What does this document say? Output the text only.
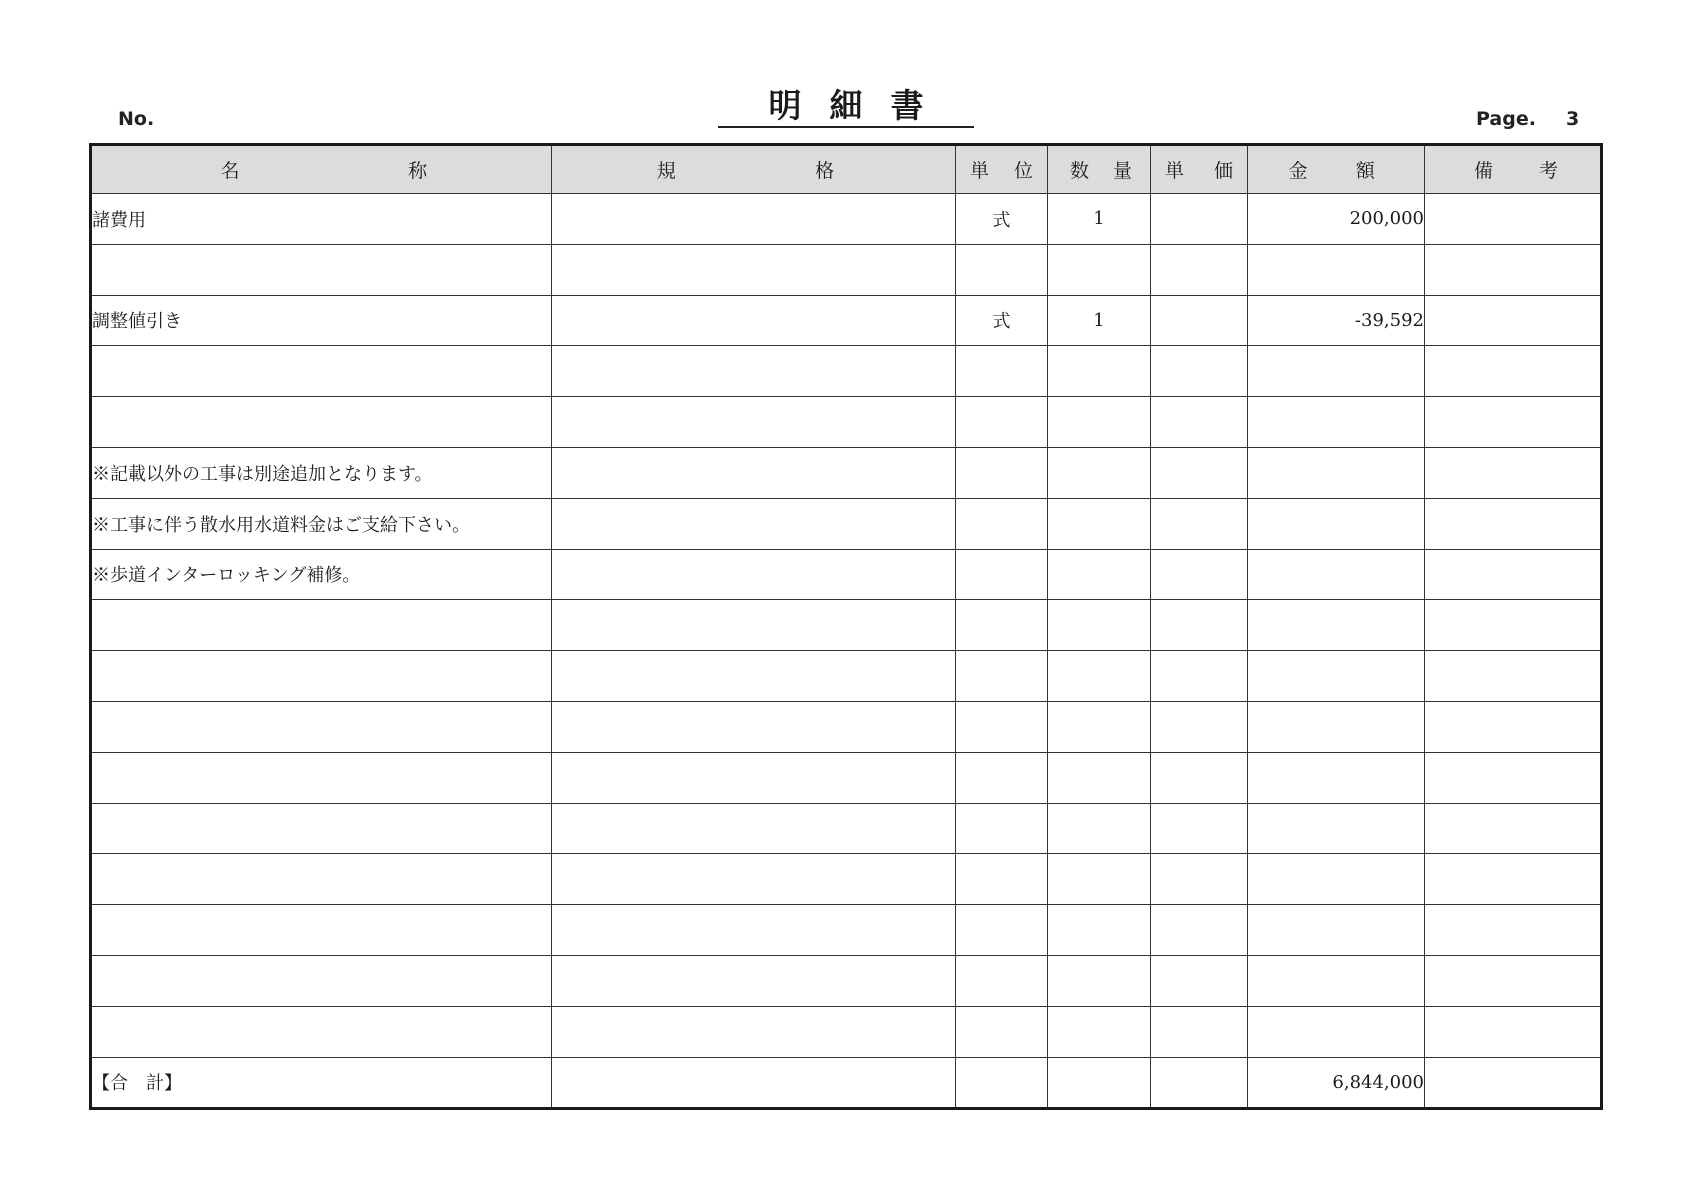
No.	明細書	Page. 3
名 称	規 格	単 位	数 量	単 価	金 額	備 考

諸費用		式	1		200,000	

調整値引き		式	1		-39,592	

※記載以外の工事は別途追加となります。						
※工事に伴う散水用水道料金はご支給下さい。						
※歩道インターロッキング補修。						

【合　計】					6,844,000	
